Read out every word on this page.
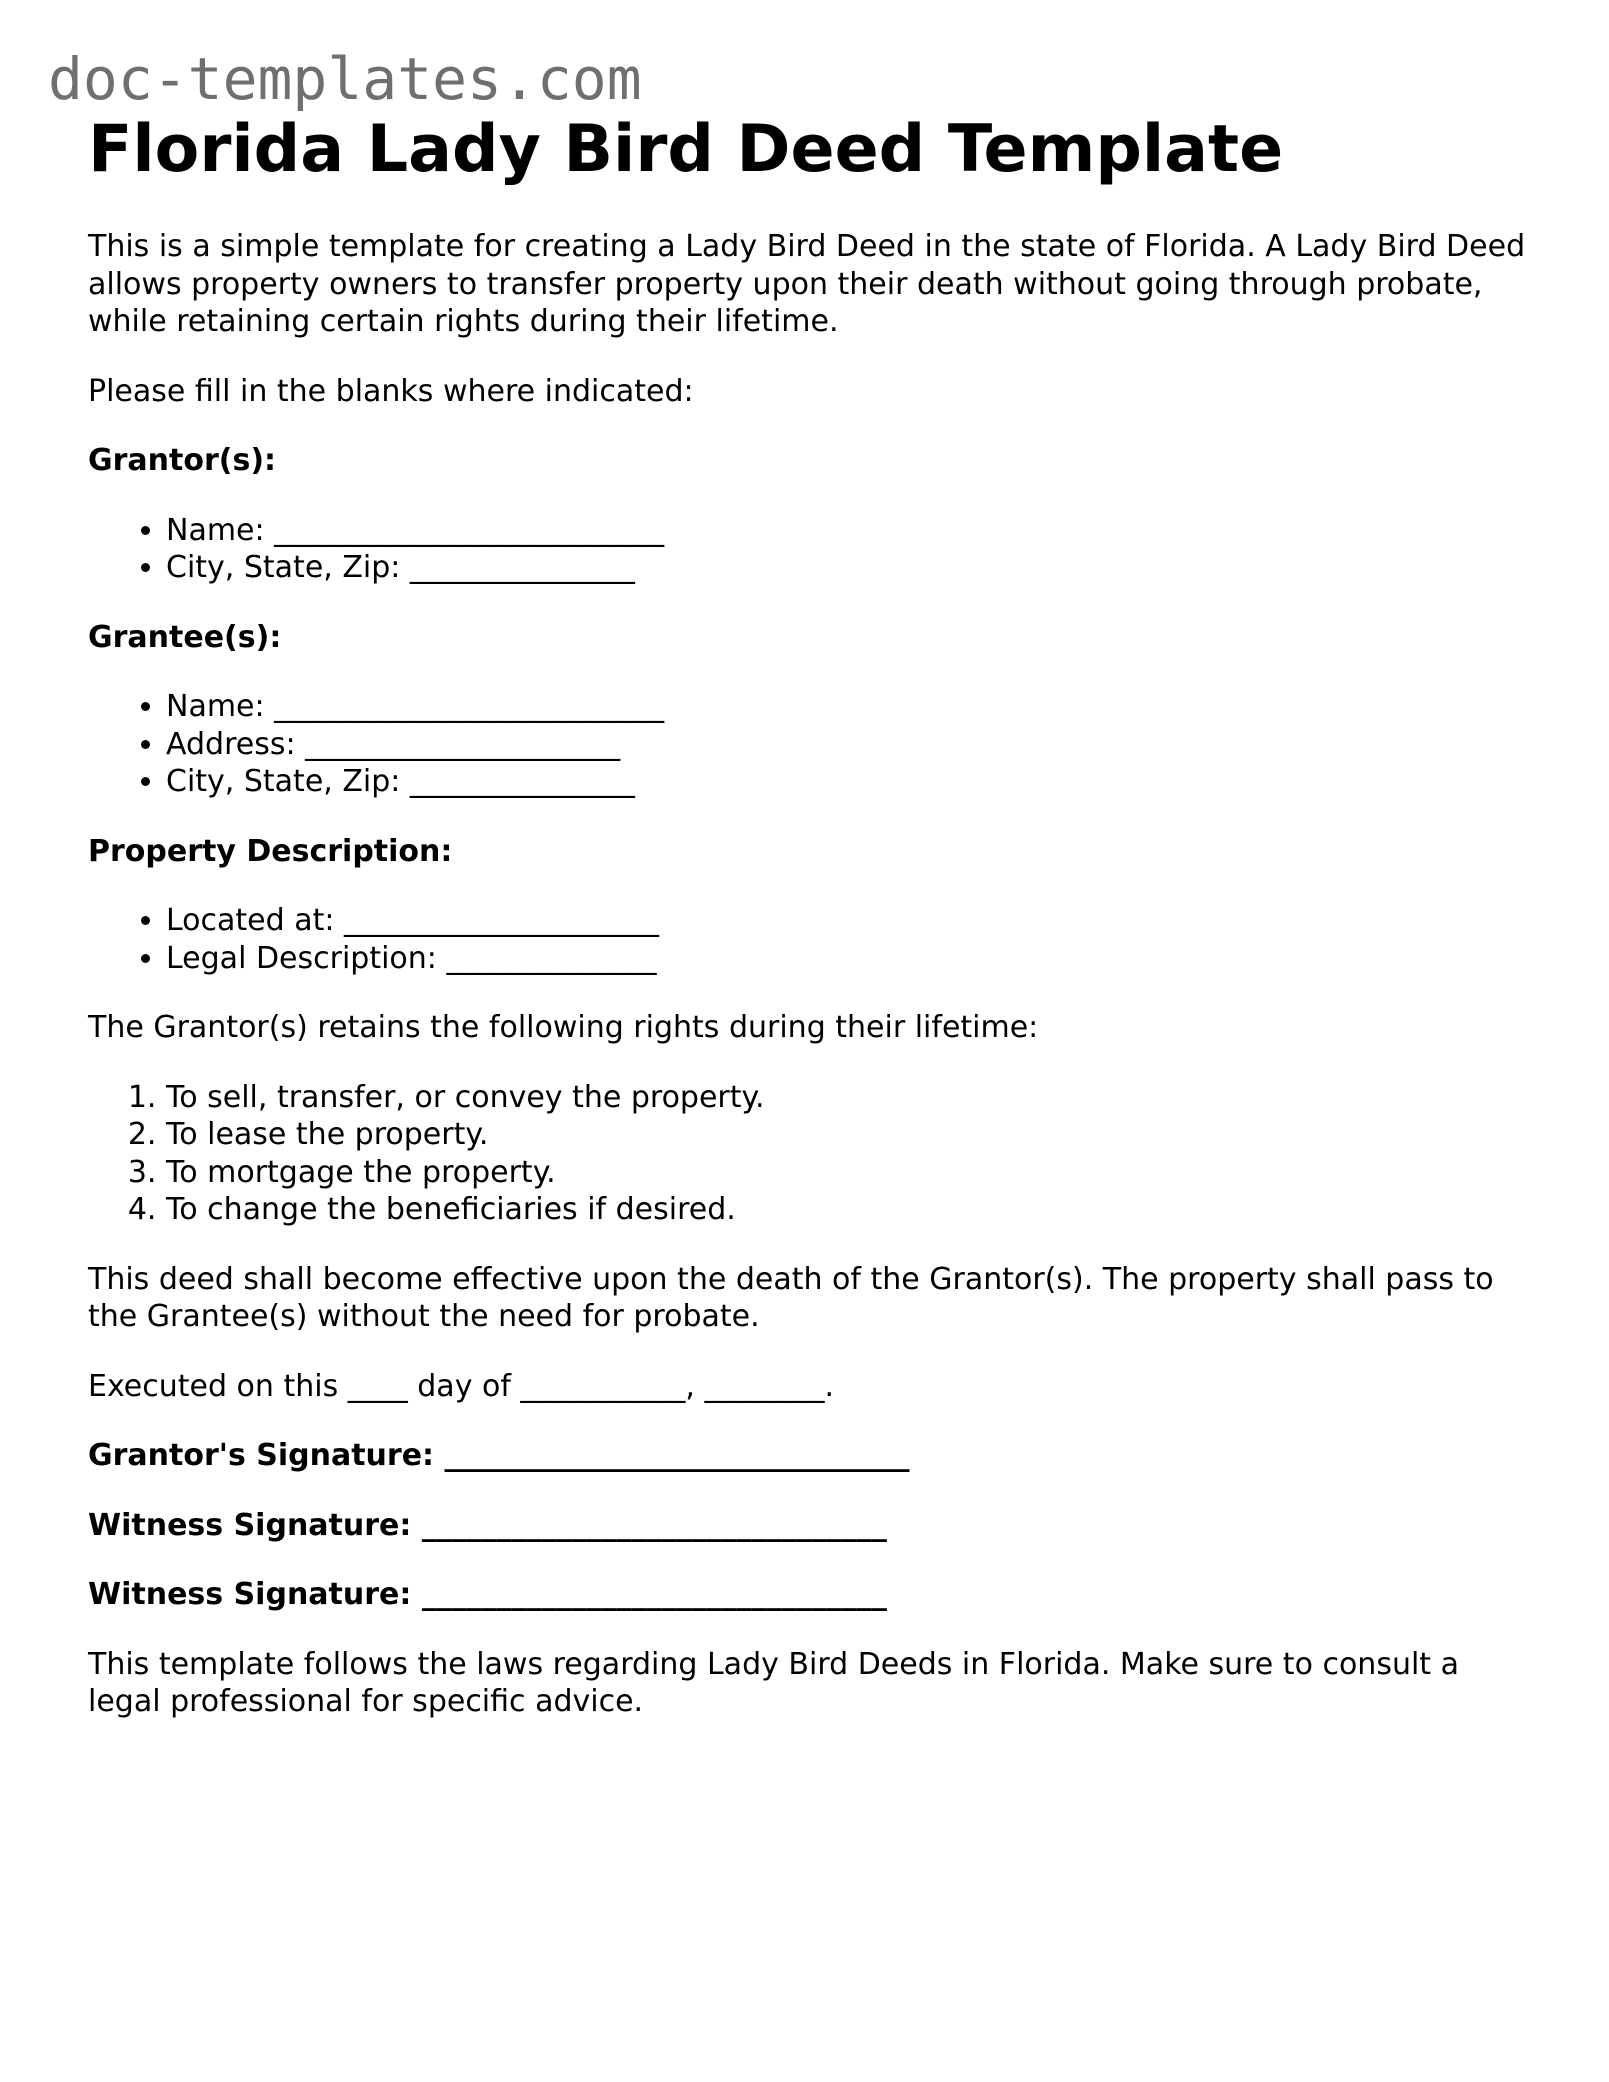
doc-templates.com
Florida Lady Bird Deed Template

This is a simple template for creating a Lady Bird Deed in the state of Florida. A Lady Bird Deed allows property owners to transfer property upon their death without going through probate, while retaining certain rights during their lifetime.

Please fill in the blanks where indicated:

Grantor(s):

• Name: __________________________
• City, State, Zip: _______________

Grantee(s):

• Name: __________________________
• Address: _____________________
• City, State, Zip: _______________

Property Description:

• Located at: _____________________
• Legal Description: ______________

The Grantor(s) retains the following rights during their lifetime:

1. To sell, transfer, or convey the property.
2. To lease the property.
3. To mortgage the property.
4. To change the beneficiaries if desired.

This deed shall become effective upon the death of the Grantor(s). The property shall pass to the Grantee(s) without the need for probate.

Executed on this ____ day of ___________, ________.

Grantor's Signature: _______________________________

Witness Signature: _______________________________

Witness Signature: _______________________________

This template follows the laws regarding Lady Bird Deeds in Florida. Make sure to consult a legal professional for specific advice.
